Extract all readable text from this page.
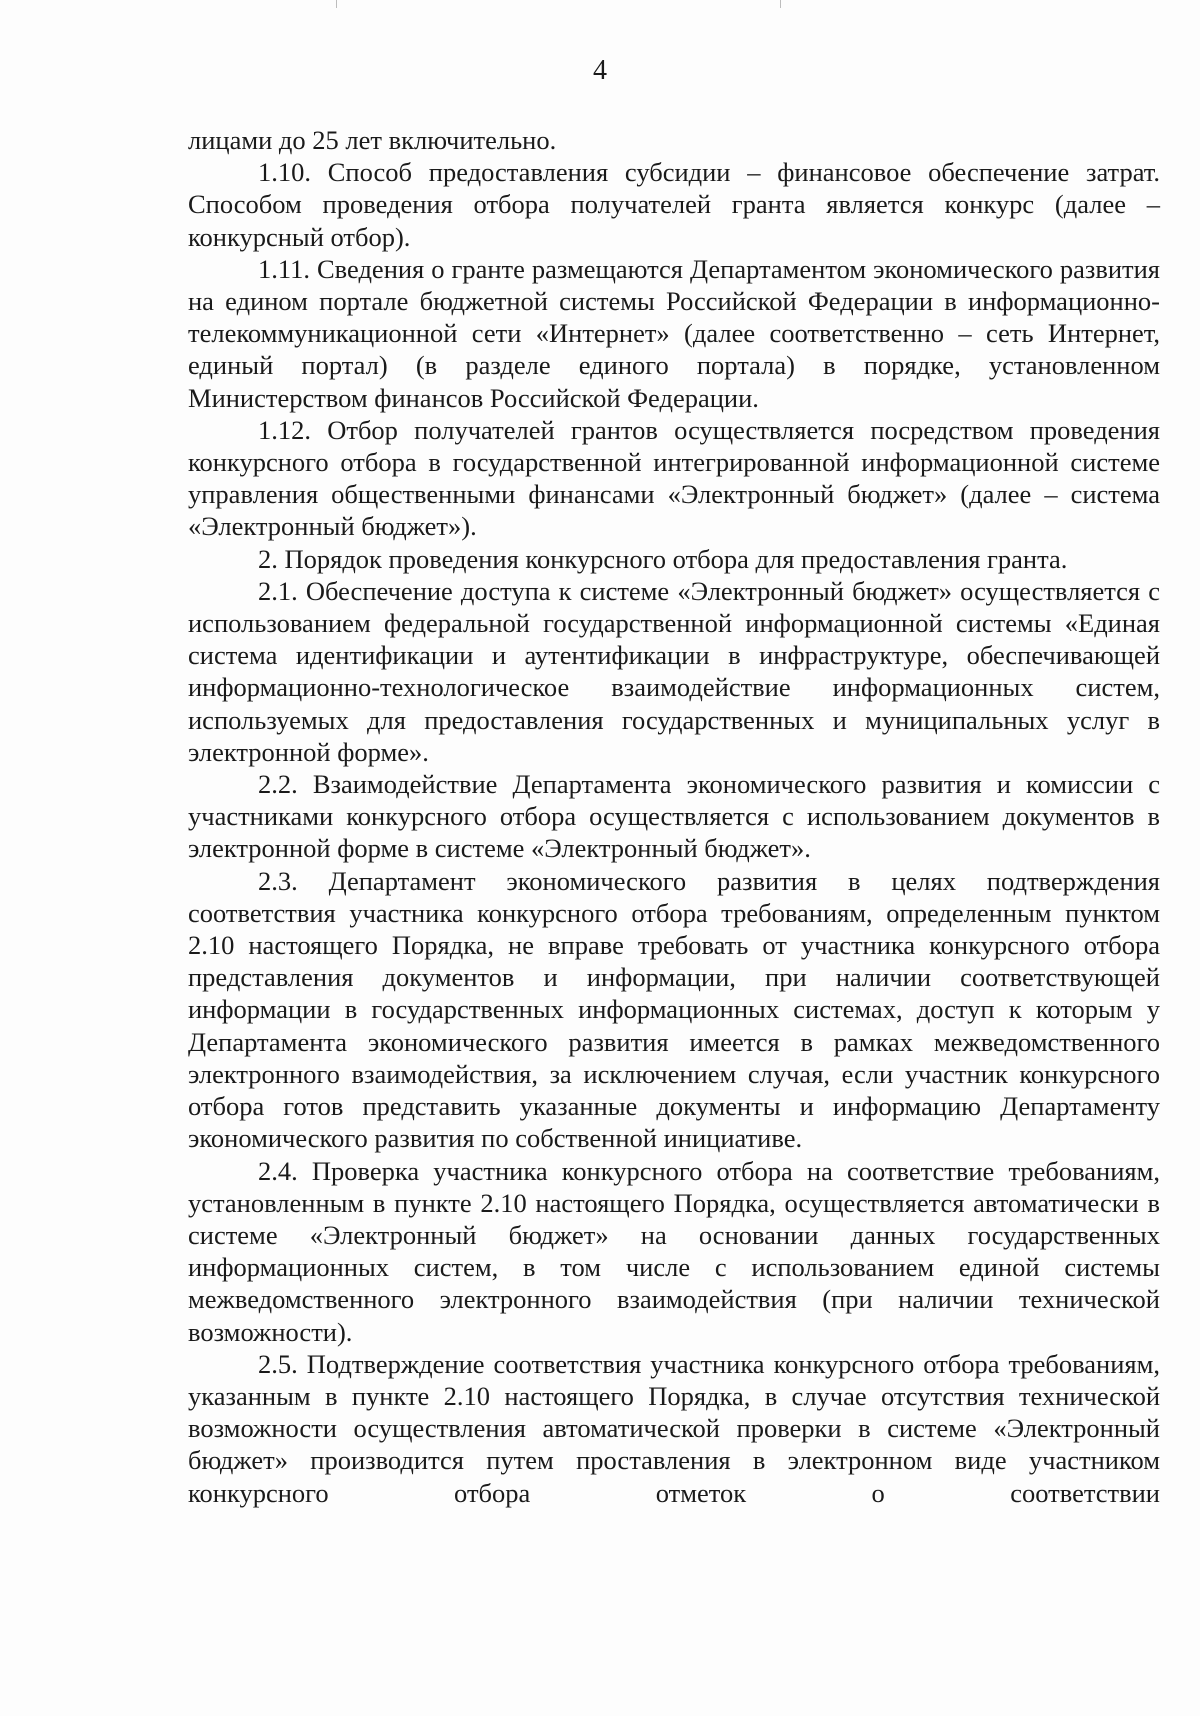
4

лицами до 25 лет включительно.

1.10. Способ предоставления субсидии – финансовое обеспечение затрат. Способом проведения отбора получателей гранта является конкурс (далее – конкурсный отбор).

1.11. Сведения о гранте размещаются Департаментом экономического развития на едином портале бюджетной системы Российской Федерации в информационно-телекоммуникационной сети «Интернет» (далее соответственно – сеть Интернет, единый портал) (в разделе единого портала) в порядке, установленном Министерством финансов Российской Федерации.

1.12. Отбор получателей грантов осуществляется посредством проведения конкурсного отбора в государственной интегрированной информационной системе управления общественными финансами «Электронный бюджет» (далее – система «Электронный бюджет»).

2. Порядок проведения конкурсного отбора для предоставления гранта.

2.1. Обеспечение доступа к системе «Электронный бюджет» осуществляется с использованием федеральной государственной информационной системы «Единая система идентификации и аутентификации в инфраструктуре, обеспечивающей информационно-технологическое взаимодействие информационных систем, используемых для предоставления государственных и муниципальных услуг в электронной форме».

2.2. Взаимодействие Департамента экономического развития и комиссии с участниками конкурсного отбора осуществляется с использованием документов в электронной форме в системе «Электронный бюджет».

2.3. Департамент экономического развития в целях подтверждения соответствия участника конкурсного отбора требованиям, определенным пунктом 2.10 настоящего Порядка, не вправе требовать от участника конкурсного отбора представления документов и информации, при наличии соответствующей информации в государственных информационных системах, доступ к которым у Департамента экономического развития имеется в рамках межведомственного электронного взаимодействия, за исключением случая, если участник конкурсного отбора готов представить указанные документы и информацию Департаменту экономического развития по собственной инициативе.

2.4. Проверка участника конкурсного отбора на соответствие требованиям, установленным в пункте 2.10 настоящего Порядка, осуществляется автоматически в системе «Электронный бюджет» на основании данных государственных информационных систем, в том числе с использованием единой системы межведомственного электронного взаимодействия (при наличии технической возможности).

2.5. Подтверждение соответствия участника конкурсного отбора требованиям, указанным в пункте 2.10 настоящего Порядка, в случае отсутствия технической возможности осуществления автоматической проверки в системе «Электронный бюджет» производится путем проставления в электронном виде участником конкурсного отбора отметок о соответствии
